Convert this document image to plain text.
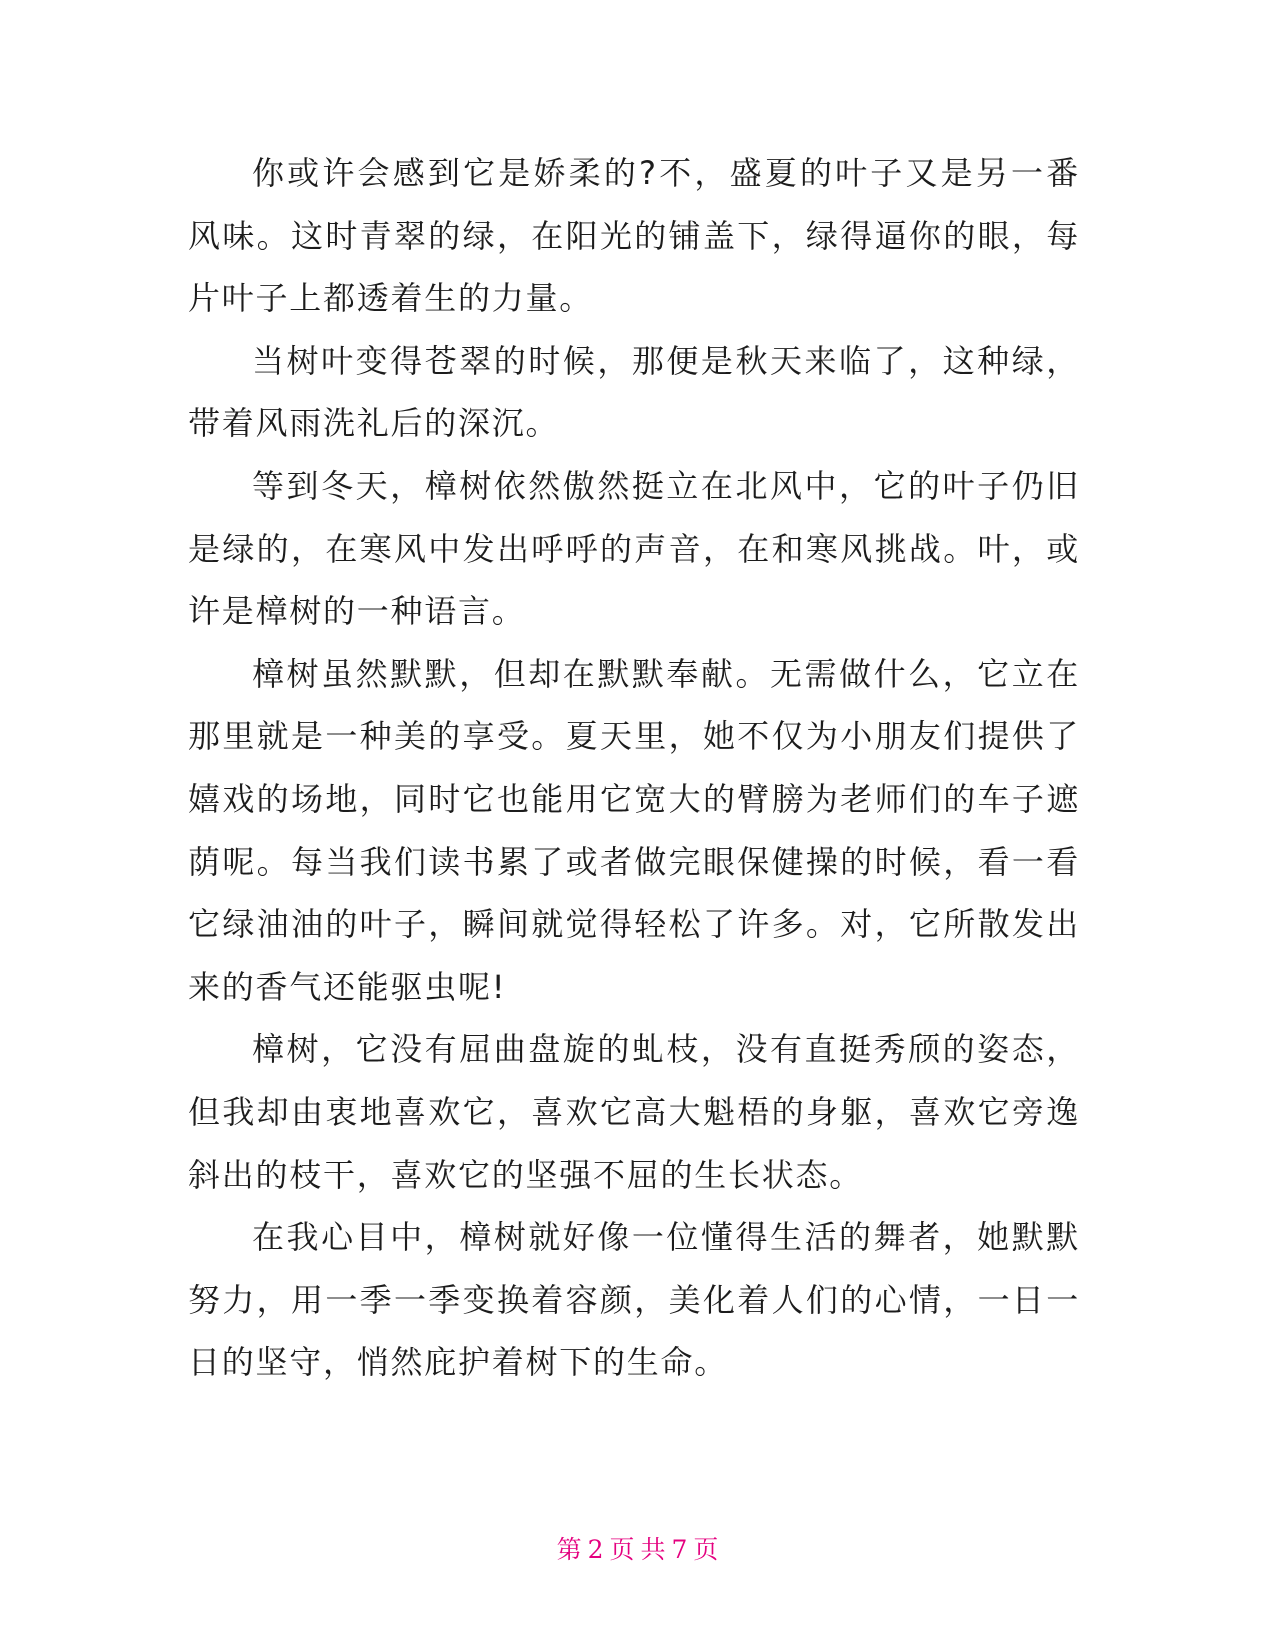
你或许会感到它是娇柔的?不，盛夏的叶子又是另一番风味。这时青翠的绿，在阳光的铺盖下，绿得逼你的眼，每片叶子上都透着生的力量。

当树叶变得苍翠的时候，那便是秋天来临了，这种绿，带着风雨洗礼后的深沉。

等到冬天，樟树依然傲然挺立在北风中，它的叶子仍旧是绿的，在寒风中发出呼呼的声音，在和寒风挑战。叶，或许是樟树的一种语言。

樟树虽然默默，但却在默默奉献。无需做什么，它立在那里就是一种美的享受。夏天里，她不仅为小朋友们提供了嬉戏的场地，同时它也能用它宽大的臂膀为老师们的车子遮荫呢。每当我们读书累了或者做完眼保健操的时候，看一看它绿油油的叶子，瞬间就觉得轻松了许多。对，它所散发出来的香气还能驱虫呢!

樟树，它没有屈曲盘旋的虬枝，没有直挺秀颀的姿态，但我却由衷地喜欢它，喜欢它高大魁梧的身躯，喜欢它旁逸斜出的枝干，喜欢它的坚强不屈的生长状态。

在我心目中，樟树就好像一位懂得生活的舞者，她默默努力，用一季一季变换着容颜，美化着人们的心情，一日一日的坚守，悄然庇护着树下的生命。

第 2 页 共 7 页
